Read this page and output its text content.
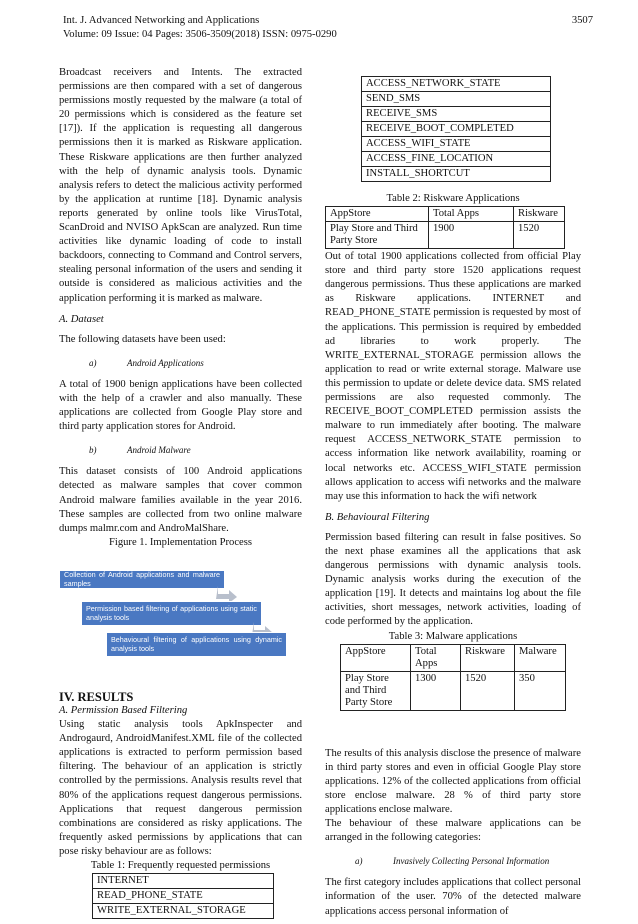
Int. J. Advanced Networking and Applications
Volume: 09 Issue: 04 Pages: 3506-3509(2018) ISSN: 0975-0290
3507

Broadcast receivers and Intents. The extracted permissions are then compared with a set of dangerous permissions mostly requested by the malware (a total of 20 permissions which is considered as the feature set [17]). If the application is requesting all dangerous permissions then it is marked as Riskware application. These Riskware applications are then further analyzed with the help of dynamic analysis tools. Dynamic analysis refers to detect the malicious activity performed by the application at runtime [18]. Dynamic analysis reports generated by online tools like VirusTotal, ScanDroid and NVISO ApkScan are analyzed. Run time activities like dynamic loading of code to install backdoors, connecting to Command and Control servers, stealing personal information of the users and sending it outside is considered as malicious activities and the application performing it is marked as malware.

A. Dataset

The following datasets have been used:

a)	Android Applications

A total of 1900 benign applications have been collected with the help of a crawler and also manually. These applications are collected from Google Play store and third party application stores for Android.

b)	Android Malware

This dataset consists of 100 Android applications detected as malware samples that cover common Android malware families available in the year 2016. These samples are collected from two online malware dumps malmr.com and AndroMalShare.

Figure 1. Implementation Process

Collection of Android applications and malware samples
Permission based filtering of applications using static analysis tools
Behavioural filtering of applications using dynamic analysis tools
IV. RESULTS
A. Permission Based Filtering

Using static analysis tools ApkInspecter and Androgaurd, AndroidManifest.XML file of the collected applications is extracted to perform permission based filtering. The behaviour of an application is strictly controlled by the permissions. Analysis results revel that 80% of the applications request dangerous permissions. Applications that request dangerous permission combinations are considered as risky applications. The frequently asked permissions by applications that can pose risky behaviour are as follows:

Table 1: Frequently requested permissions

INTERNET
READ_PHONE_STATE
WRITE_EXTERNAL_STORAGE
ACCESS_NETWORK_STATE
SEND_SMS
RECEIVE_SMS
RECEIVE_BOOT_COMPLETED
ACCESS_WIFI_STATE
ACCESS_FINE_LOCATION
INSTALL_SHORTCUT

Table 2: Riskware Applications

AppStore	Total Apps	Riskware
Play Store and Third Party Store	1900	1520

Out of total 1900 applications collected from official Play store and third party store 1520 applications request dangerous permissions. Thus these applications are marked as Riskware applications. INTERNET and READ_PHONE_STATE permission is requested by most of the applications. This permission is required by embedded ad libraries to work properly. The WRITE_EXTERNAL_STORAGE permission allows the application to read or write external storage. Malware use this permission to update or delete device data. SMS related permissions are also requested commonly. The RECEIVE_BOOT_COMPLETED permission assists the malware to run immediately after booting. The malware request ACCESS_NETWORK_STATE permission to access information like network availability, roaming or local networks etc. ACCESS_WIFI_STATE permission allows application to access wifi networks and the malware may use this information to hack the wifi network

B. Behavioural Filtering

Permission based filtering can result in false positives. So the next phase examines all the applications that ask dangerous permissions with dynamic analysis tools. Dynamic analysis works during the execution of the application [19]. It detects and maintains log about the file activities, short messages, network activities, loading of code performed by the application.

Table 3: Malware applications

AppStore	Total Apps	Riskware	Malware
Play Store and Third Party Store	1300	1520	350

The results of this analysis disclose the presence of malware in third party stores and even in official Google Play store applications. 12% of the collected applications from official store enclose malware. 28 % of third party store applications enclose malware.

The behaviour of these malware applications can be arranged in the following categories:

a)	Invasively Collecting Personal Information

The first category includes applications that collect personal information of the user. 70% of the detected malware applications access personal information of
